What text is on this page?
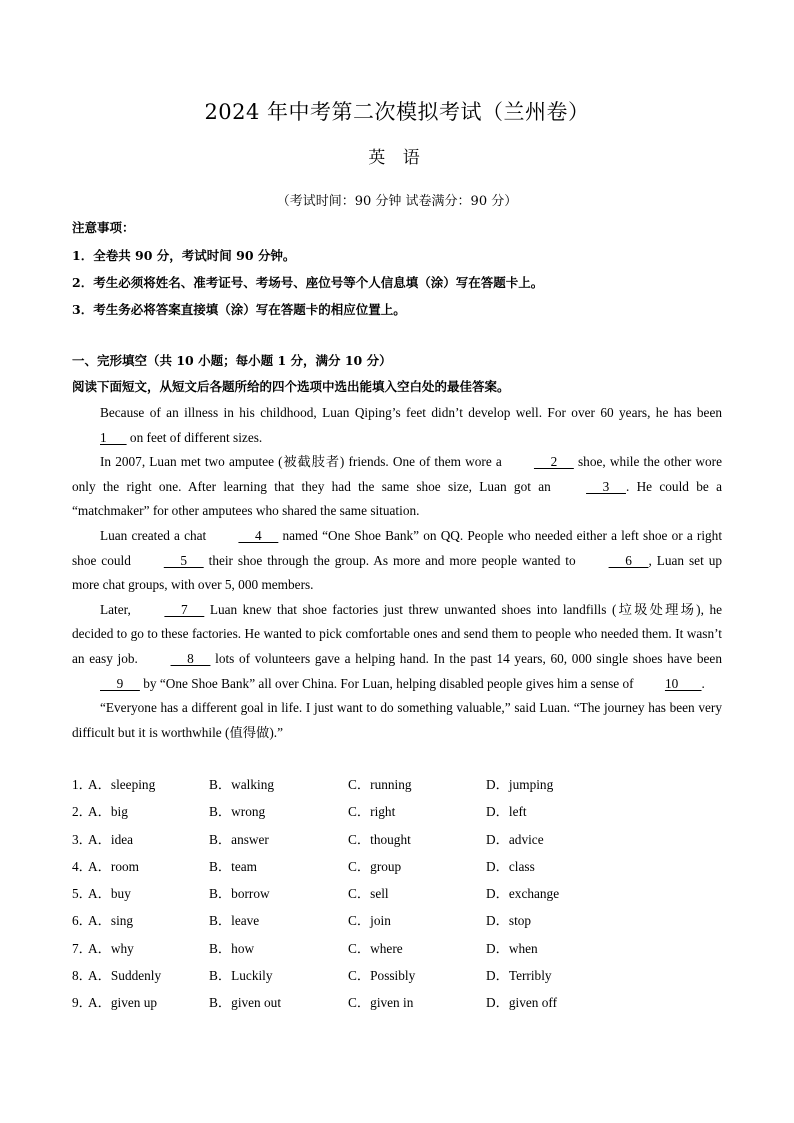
2024 年中考第二次模拟考试（兰州卷）
英 语
（考试时间：90 分钟 试卷满分：90 分）
注意事项：
1．全卷共 90 分，考试时间 90 分钟。
2．考生必须将姓名、准考证号、考场号、座位号等个人信息填（涂）写在答题卡上。
3．考生务必将答案直接填（涂）写在答题卡的相应位置上。
一、完形填空（共 10 小题；每小题 1 分，满分 10 分）
阅读下面短文，从短文后各题所给的四个选项中选出能填入空白处的最佳答案。

Because of an illness in his childhood, Luan Qiping’s feet didn’t develop well. For over 60 years, he has been 1       on feet of different sizes.

In 2007, Luan met two amputee (被截肢者) friends. One of them wore a      2      shoe, while the other wore only the right one. After learning that they had the same shoe size, Luan got an      3     . He could be a “matchmaker” for other amputees who shared the same situation.

Luan created a chat      4      named “One Shoe Bank” on QQ. People who needed either a left shoe or a right shoe could      5      their shoe through the group. As more and more people wanted to      6     , Luan set up more chat groups, with over 5, 000 members.

Later,      7      Luan knew that shoe factories just threw unwanted shoes into landfills (垃圾处理场), he decided to go to these factories. He wanted to pick comfortable ones and send them to people who needed them. It wasn’t an easy job.      8      lots of volunteers gave a helping hand. In the past 14 years, 60, 000 single shoes have been      9      by “One Shoe Bank” all over China. For Luan, helping disabled people gives him a sense of 10       .

“Everyone has a different goal in life. I just want to do something valuable,” said Luan. “The journey has been very difficult but it is worthwhile (值得做).”

1．
A．sleeping	B．walking	C．running	D．jumping
2．
A．big	B．wrong	C．right	D．left
3．
A．idea	B．answer	C．thought	D．advice
4．
A．room	B．team	C．group	D．class
5．
A．buy	B．borrow	C．sell	D．exchange
6．
A．sing	B．leave	C．join	D．stop
7．
A．why	B．how	C．where	D．when
8．
A．Suddenly	B．Luckily	C．Possibly	D．Terribly
9．
A．given up	B．given out	C．given in	D．given off
